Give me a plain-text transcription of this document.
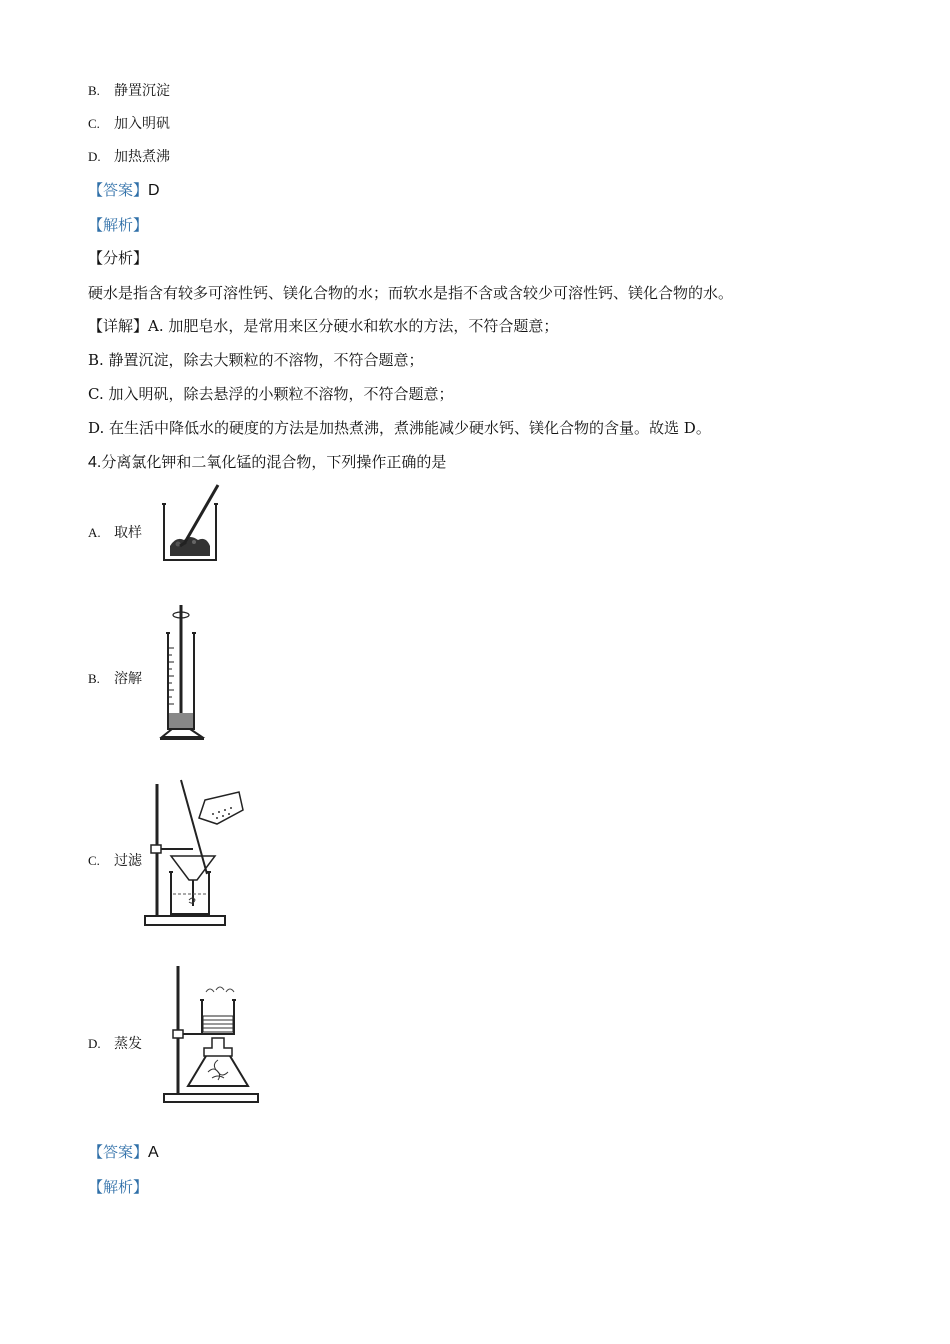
B. 静置沉淀
C. 加入明矾
D. 加热煮沸
【答案】D
【解析】
【分析】
硬水是指含有较多可溶性钙、镁化合物的水；而软水是指不含或含较少可溶性钙、镁化合物的水。
【详解】A. 加肥皂水，是常用来区分硬水和软水的方法，不符合题意；
B. 静置沉淀，除去大颗粒的不溶物，不符合题意；
C. 加入明矾，除去悬浮的小颗粒不溶物，不符合题意；
D. 在生活中降低水的硬度的方法是加热煮沸，煮沸能减少硬水钙、镁化合物的含量。故选 D。
4.分离氯化钾和二氧化锰的混合物，下列操作正确的是
A. 取样
B. 溶解
C. 过滤
D. 蒸发
【答案】A
【解析】
